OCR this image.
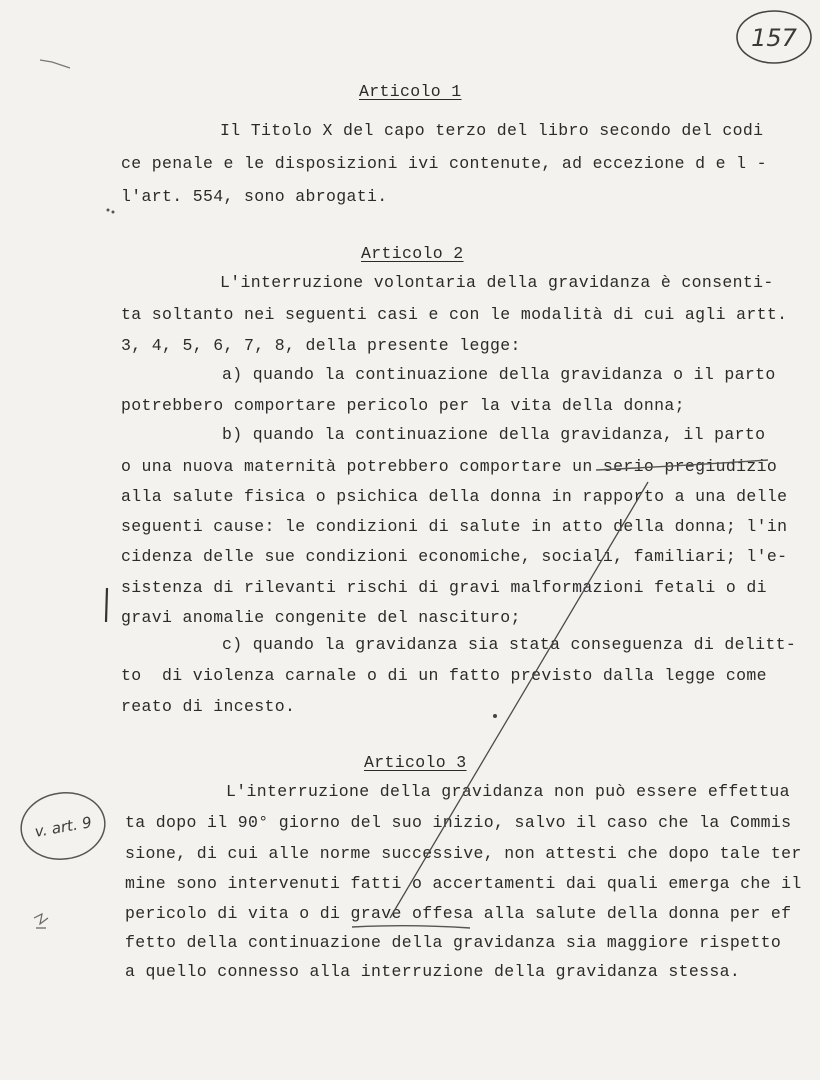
Articolo 1
Il Titolo X del capo terzo del libro secondo del codi
ce penale e le disposizioni ivi contenute, ad eccezione d e l -
l'art. 554, sono abrogati.
Articolo 2
L'interruzione volontaria della gravidanza è consenti-
ta soltanto nei seguenti casi e con le modalità di cui agli artt.
3, 4, 5, 6, 7, 8, della presente legge:
a) quando la continuazione della gravidanza o il parto
potrebbero comportare pericolo per la vita della donna;
b) quando la continuazione della gravidanza, il parto
o una nuova maternità potrebbero comportare un serio pregiudizio
alla salute fisica o psichica della donna in rapporto a una delle
seguenti cause: le condizioni di salute in atto della donna; l'in
cidenza delle sue condizioni economiche, sociali, familiari; l'e-
sistenza di rilevanti rischi di gravi malformazioni fetali o di
gravi anomalie congenite del nascituro;
c) quando la gravidanza sia stata conseguenza di delitt-
to  di violenza carnale o di un fatto previsto dalla legge come
reato di incesto.
Articolo 3
L'interruzione della gravidanza non può essere effettua
ta dopo il 90° giorno del suo inizio, salvo il caso che la Commis
sione, di cui alle norme successive, non attesti che dopo tale ter
mine sono intervenuti fatti o accertamenti dai quali emerga che il
pericolo di vita o di grave offesa alla salute della donna per ef
fetto della continuazione della gravidanza sia maggiore rispetto
a quello connesso alla interruzione della gravidanza stessa.
157
v. art. 9
